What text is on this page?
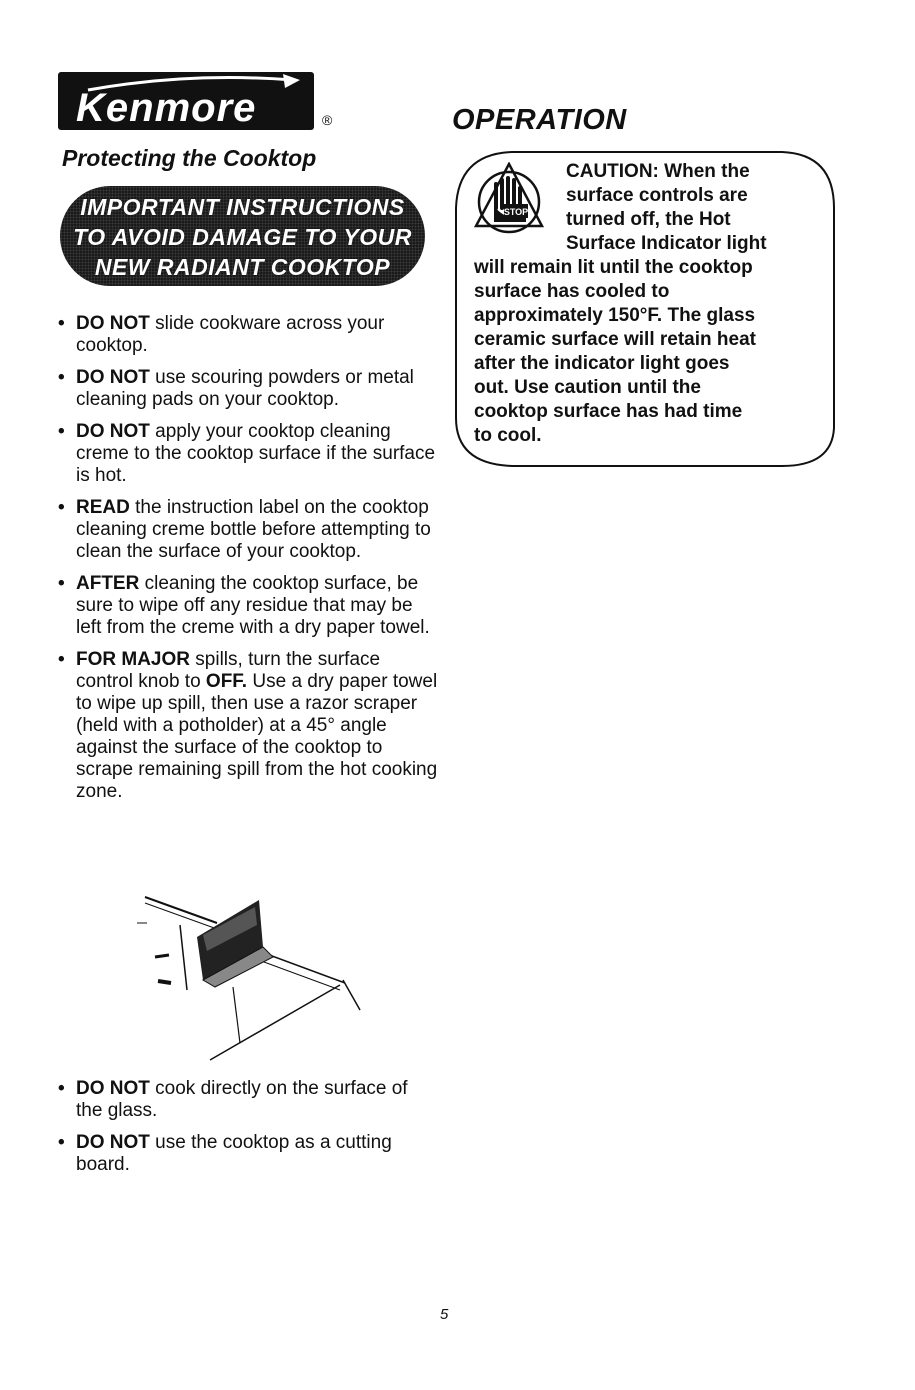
Kenmore	®	OPERATION
Protecting the Cooktop
IMPORTANT INSTRUCTIONS
TO AVOID DAMAGE TO YOUR
NEW RADIANT COOKTOP
• DO NOT slide cookware across your cooktop.
• DO NOT use scouring powders or metal cleaning pads on your cooktop.
• DO NOT apply your cooktop cleaning creme to the cooktop surface if the surface is hot.
• READ the instruction label on the cooktop cleaning creme bottle before attempting to clean the surface of your cooktop.
• AFTER cleaning the cooktop surface, be sure to wipe off any residue that may be left from the creme with a dry paper towel.
• FOR MAJOR spills, turn the surface control knob to OFF. Use a dry paper towel to wipe up spill, then use a razor scraper (held with a potholder) at a 45° angle against the surface of the cooktop to scrape remaining spill from the hot cooking zone.
• DO NOT cook directly on the surface of the glass.
• DO NOT use the cooktop as a cutting board.
STOP
CAUTION: When the
surface controls are
turned off, the Hot
Surface Indicator light
will remain lit until the cooktop
surface has cooled to
approximately 150°F. The glass
ceramic surface will retain heat
after the indicator light goes
out. Use caution until the
cooktop surface has had time
to cool.
5
